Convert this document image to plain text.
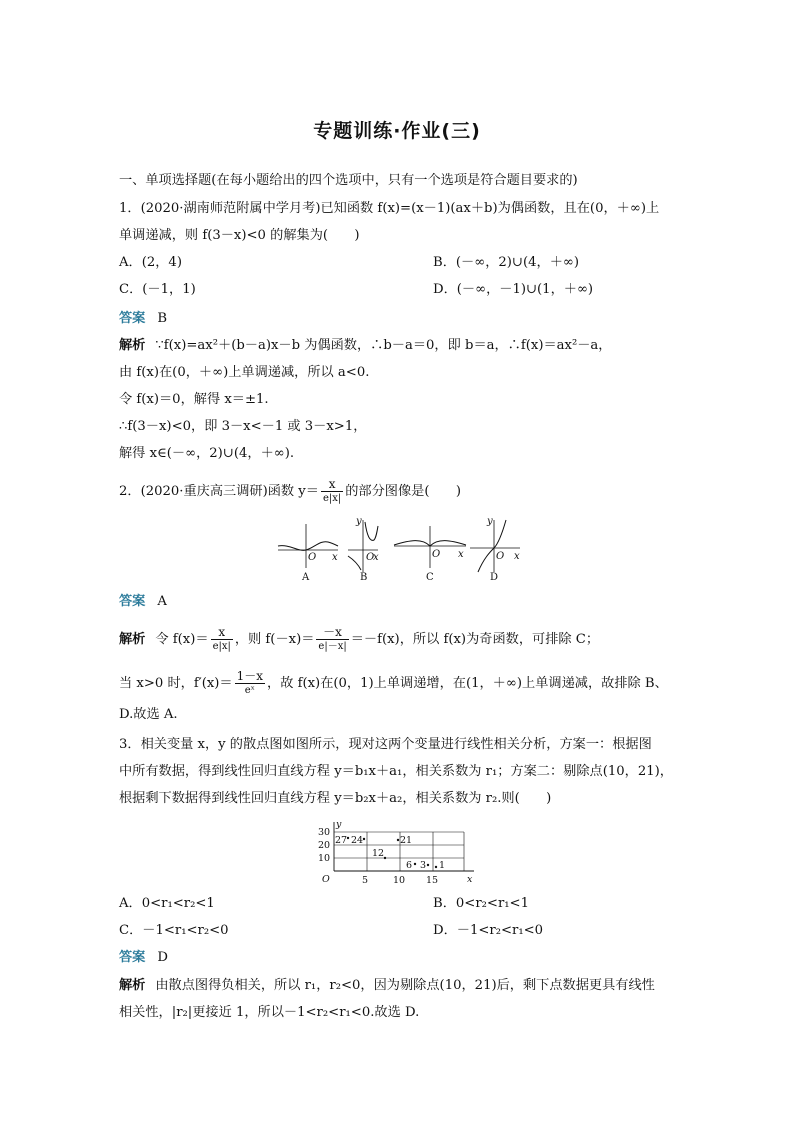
专题训练·作业(三)
一、单项选择题(在每小题给出的四个选项中，只有一个选项是符合题目要求的)
1．(2020·湖南师范附属中学月考)已知函数 f(x)=(x－1)(ax＋b)为偶函数，且在(0，＋∞)上
单调递减，则 f(3－x)<0 的解集为(　　)
A．(2，4)	B．(－∞，2)∪(4，＋∞)
C．(－1，1)	D．(－∞，－1)∪(1，＋∞)
答案 B
解析 ∵f(x)=ax²＋(b－a)x－b 为偶函数，∴b－a＝0，即 b＝a，∴f(x)＝ax²－a，
由 f(x)在(0，＋∞)上单调递减，所以 a<0.
令 f(x)＝0，解得 x＝±1.
∴f(3－x)<0，即 3－x<－1 或 3－x>1，
解得 x∈(－∞，2)∪(4，＋∞).
2．(2020·重庆高三调研)函数 $y= \frac{x}{e|x|}$ 的部分图像是(　　)
O x
A
y
O
x
B
O x
C
y
O x
D
答案 A
解析 令 $f(x)= \frac{x}{e|x|}$ ，则 $f(-x)= \frac{-x}{e|-x|} =-f(x)$，所以 f(x)为奇函数，可排除 C；
当 x>0 时，$f'(x)= \frac{1-x}{\text{eˣ}}$ ，故 f(x)在(0，1)上单调递增，在(1，＋∞)上单调递减，故排除 B、
D.故选 A.
3．相关变量 x，y 的散点图如图所示，现对这两个变量进行线性相关分析，方案一：根据图
中所有数据，得到线性回归直线方程 y＝b₁x＋a₁，相关系数为 r₁；方案二：剔除点(10，21)，
根据剩下数据得到线性回归直线方程 y＝b₂x＋a₂，相关系数为 r₂.则(　　)
y
x
O
30
20
10
5	10 15
27 24	21
12
6 3 1
A．0<r₁<r₂<1	B．0<r₂<r₁<1
C．－1<r₁<r₂<0	D．－1<r₂<r₁<0
答案 D
解析 由散点图得负相关，所以 r₁，r₂<0，因为剔除点(10，21)后，剩下点数据更具有线性
相关性，|r₂|更接近 1，所以－1<r₂<r₁<0.故选 D.
